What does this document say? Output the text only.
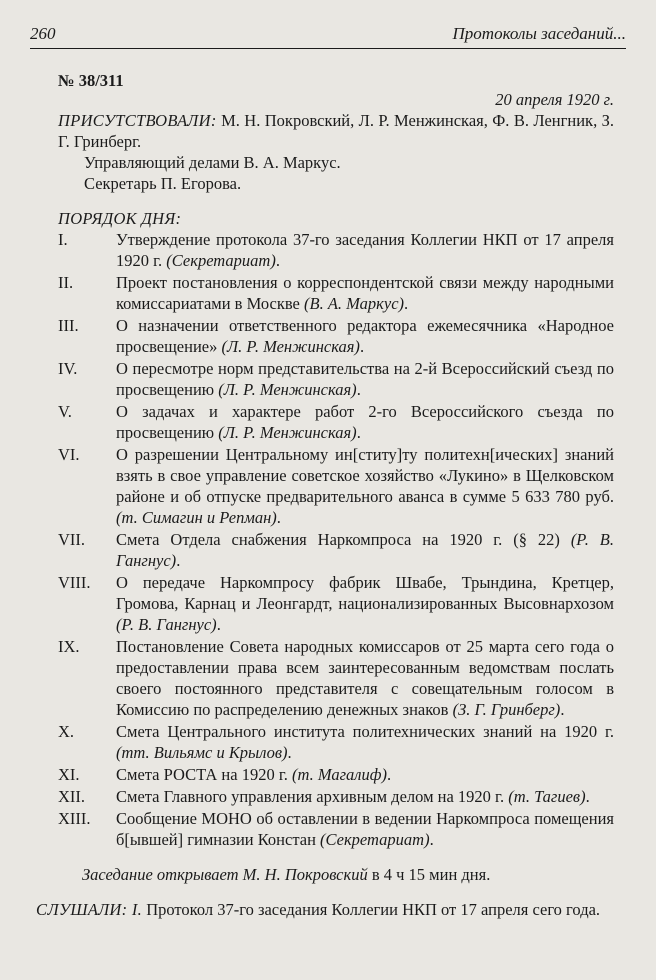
260	Протоколы заседаний...

№ 38/311

20 апреля 1920 г.

ПРИСУТСТВОВАЛИ: М. Н. Покровский, Л. Р. Менжинская, Ф. В. Ленгник, З. Г. Гринберг.

Управляющий делами В. А. Маркус.

Секретарь П. Егорова.

ПОРЯДОК ДНЯ:

I.	Утверждение протокола 37-го заседания Коллегии НКП от 17 апреля 1920 г. (Секретариат).
II.	Проект постановления о корреспондентской связи между народными комиссариатами в Москве (В. А. Маркус).
III.	О назначении ответственного редактора ежемесячника «Народное просвещение» (Л. Р. Менжинская).
IV.	О пересмотре норм представительства на 2-й Всероссийский съезд по просвещению (Л. Р. Менжинская).
V.	О задачах и характере работ 2-го Всероссийского съезда по просвещению (Л. Р. Менжинская).
VI.	О разрешении Центральному ин[ститу]ту политехн[ических] знаний взять в свое управление советское хозяйство «Лукино» в Щелковском районе и об отпуске предварительного аванса в сумме 5 633 780 руб. (т. Симагин и Репман).
VII.	Смета Отдела снабжения Наркомпроса на 1920 г. (§ 22) (Р. В. Гангнус).
VIII.	О передаче Наркомпросу фабрик Швабе, Трындина, Кретцер, Громова, Карнац и Леонгардт, национализированных Высовнархозом (Р. В. Гангнус).
IX.	Постановление Совета народных комиссаров от 25 марта сего года о предоставлении права всем заинтересованным ведомствам послать своего постоянного представителя с совещательным голосом в Комиссию по распределению денежных знаков (З. Г. Гринберг).
X.	Смета Центрального института политехнических знаний на 1920 г. (тт. Вильямс и Крылов).
XI.	Смета РОСТА на 1920 г. (т. Магалиф).
XII.	Смета Главного управления архивным делом на 1920 г. (т. Тагиев).
XIII.	Сообщение МОНО об оставлении в ведении Наркомпроса помещения б[ывшей] гимназии Констан (Секретариат).

Заседание открывает М. Н. Покровский в 4 ч 15 мин дня.

СЛУШАЛИ: I. Протокол 37-го заседания Коллегии НКП от 17 апреля сего года.
